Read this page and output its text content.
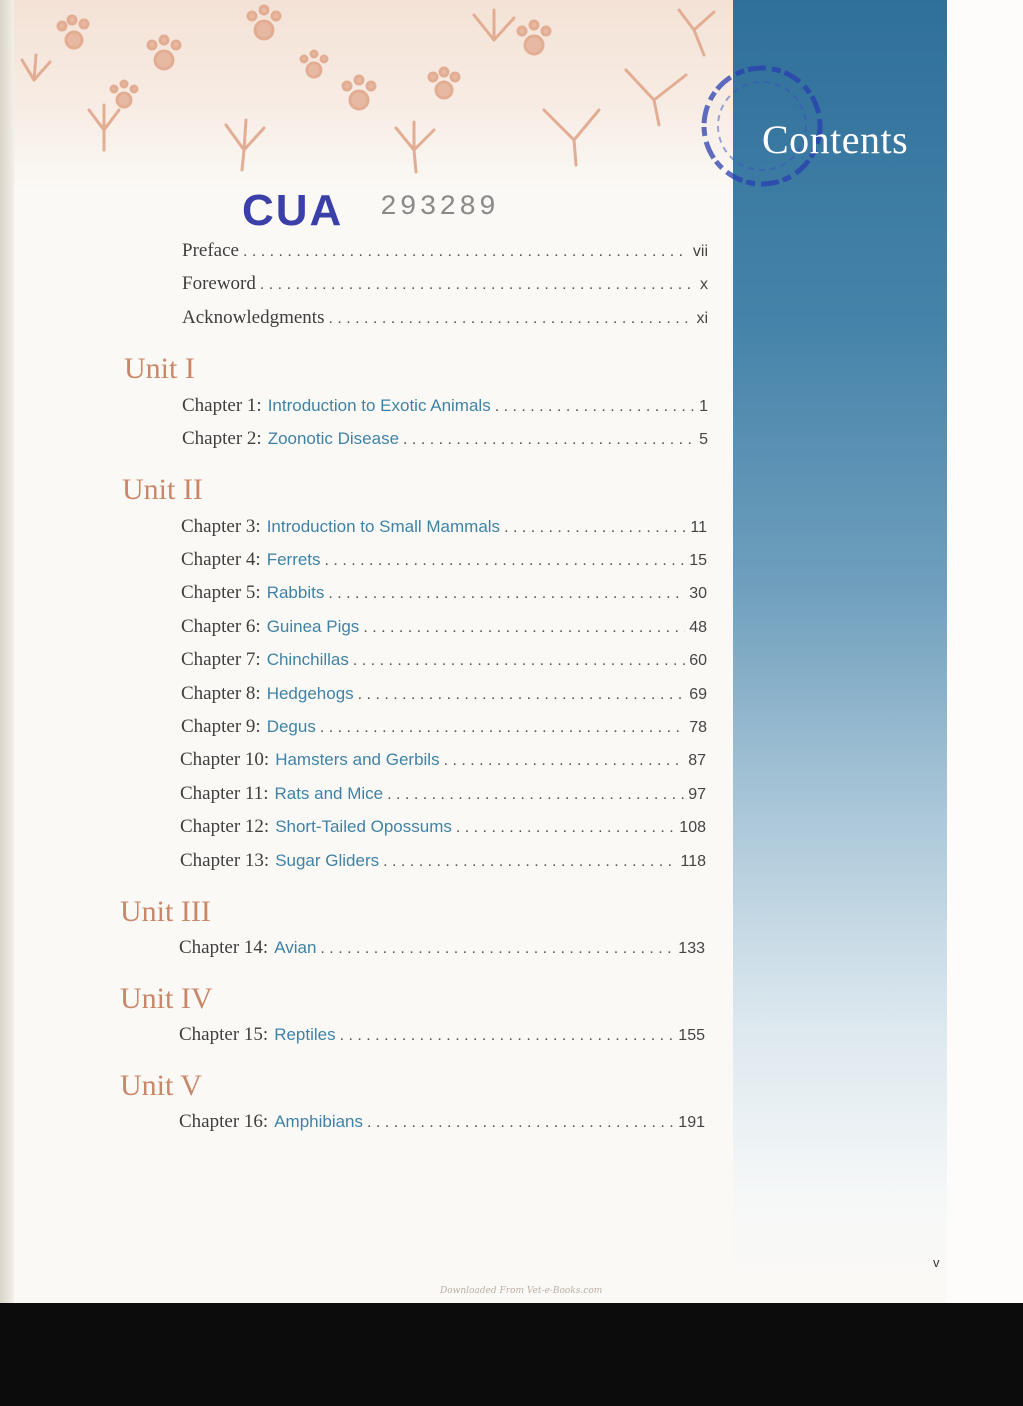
Contents
CUA 293289
Preface . . .	vii
Foreword . . .	x
Acknowledgments . . .	xi
Unit I
Chapter 1: Introduction to Exotic Animals . . .	1
Chapter 2: Zoonotic Disease . . .	5
Unit II
Chapter 3: Introduction to Small Mammals . . .	11
Chapter 4: Ferrets . . .	15
Chapter 5: Rabbits . . .	30
Chapter 6: Guinea Pigs . . .	48
Chapter 7: Chinchillas . . .	60
Chapter 8: Hedgehogs . . .	69
Chapter 9: Degus . . .	78
Chapter 10: Hamsters and Gerbils . . .	87
Chapter 11: Rats and Mice . . .	97
Chapter 12: Short-Tailed Opossums . . .	108
Chapter 13: Sugar Gliders . . .	118
Unit III
Chapter 14: Avian . . .	133
Unit IV
Chapter 15: Reptiles . . .	155
Unit V
Chapter 16: Amphibians . . .	191
v
Downloaded From Vet-e-Books.com
